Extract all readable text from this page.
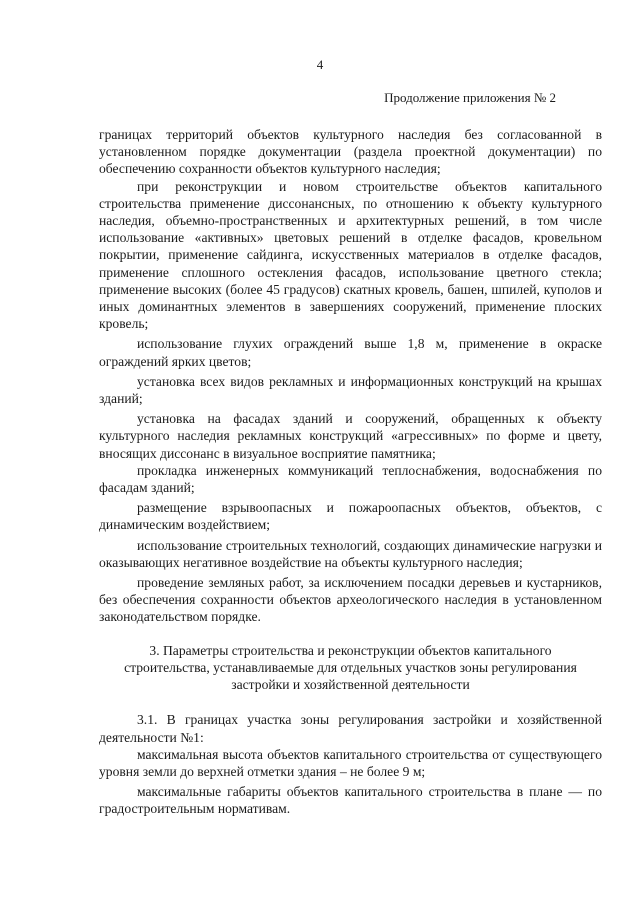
4
Продолжение приложения № 2

границах территорий объектов культурного наследия без согласованной в установленном порядке документации (раздела проектной документации) по обеспечению сохранности объектов культурного наследия;

при реконструкции и новом строительстве объектов капитального строительства применение диссонансных, по отношению к объекту культурного наследия, объемно-пространственных и архитектурных решений, в том числе использование «активных» цветовых решений в отделке фасадов, кровельном покрытии, применение сайдинга, искусственных материалов в отделке фасадов, применение сплошного остекления фасадов, использование цветного стекла; применение высоких (более 45 градусов) скатных кровель, башен, шпилей, куполов и иных доминантных элементов в завершениях сооружений, применение плоских кровель;

использование глухих ограждений выше 1,8 м, применение в окраске ограждений ярких цветов;

установка всех видов рекламных и информационных конструкций на крышах зданий;

установка на фасадах зданий и сооружений, обращенных к объекту культурного наследия рекламных конструкций «агрессивных» по форме и цвету, вносящих диссонанс в визуальное восприятие памятника;

прокладка инженерных коммуникаций теплоснабжения, водоснабжения по фасадам зданий;

размещение взрывоопасных и пожароопасных объектов, объектов, с динамическим воздействием;

использование строительных технологий, создающих динамические нагрузки и оказывающих негативное воздействие на объекты культурного наследия;

проведение земляных работ, за исключением посадки деревьев и кустарников, без обеспечения сохранности объектов археологического наследия в установленном законодательством порядке.

3. Параметры строительства и реконструкции объектов капитального строительства, устанавливаемые для отдельных участков зоны регулирования застройки и хозяйственной деятельности

3.1. В границах участка зоны регулирования застройки и хозяйственной деятельности №1:

максимальная высота объектов капитального строительства от существующего уровня земли до верхней отметки здания – не более 9 м;

максимальные габариты объектов капитального строительства в плане — по градостроительным нормативам.
